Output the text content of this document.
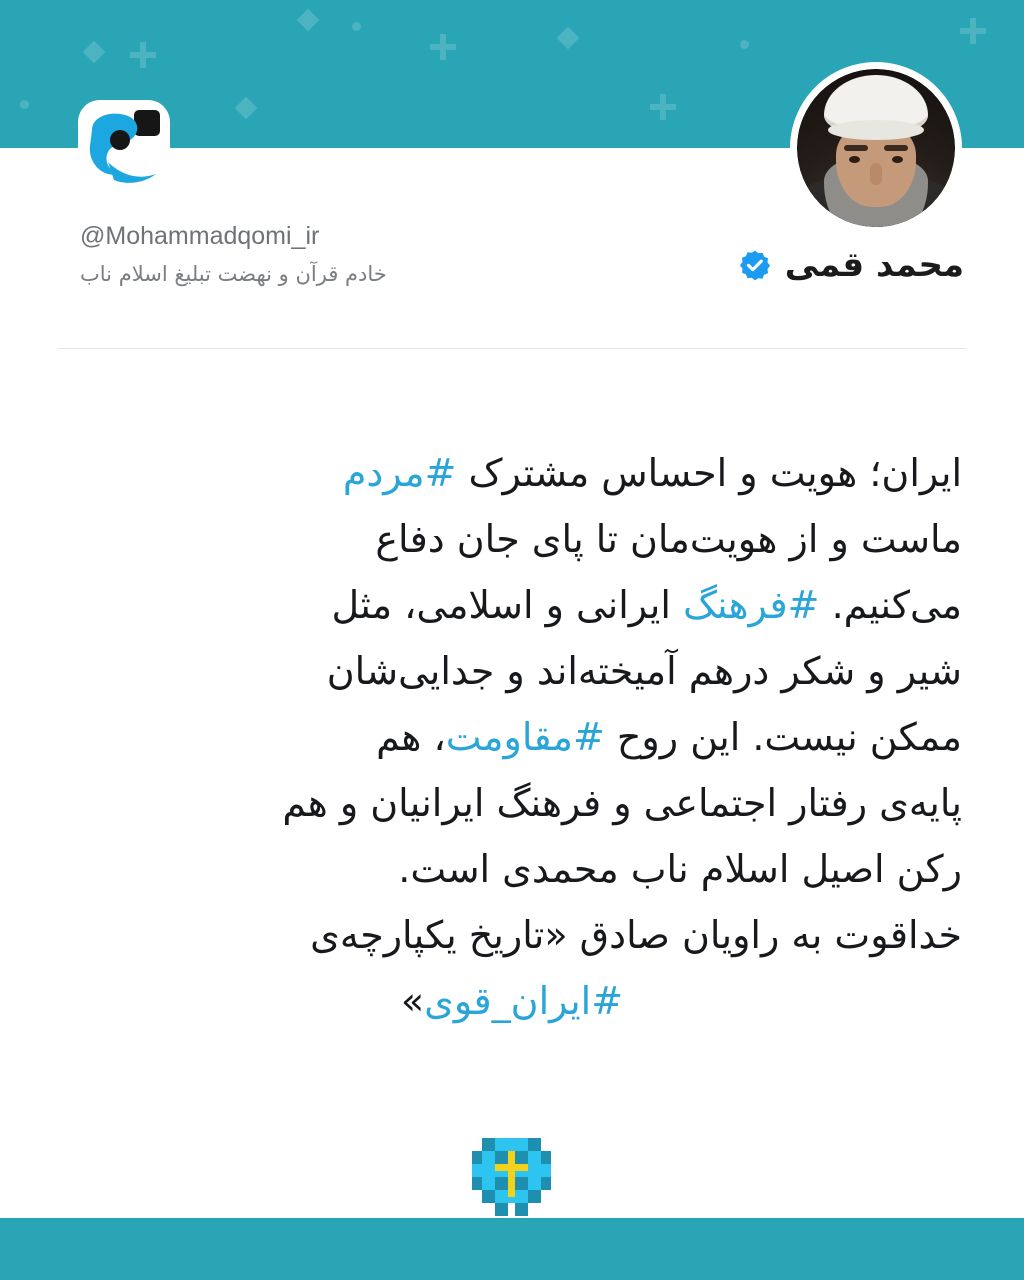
محمد قمی
@Mohammadqomi_ir
خادم قرآن و نهضت تبلیغ اسلام ناب
ایران؛ هویت و احساس مشترک #مردم
ماست و از هویت‌مان تا پای جان دفاع
می‌کنیم. #فرهنگ ایرانی و اسلامی، مثل
شیر و شکر درهم آمیخته‌اند و جدایی‌شان
ممکن نیست. این روح #مقاومت، هم
پایه‌ی رفتار اجتماعی و فرهنگ ایرانیان و هم
رکن اصیل اسلام ناب محمدی است.
خداقوت به راویان صادق «تاریخ یکپارچه‌ی
#ایران_قوی»
